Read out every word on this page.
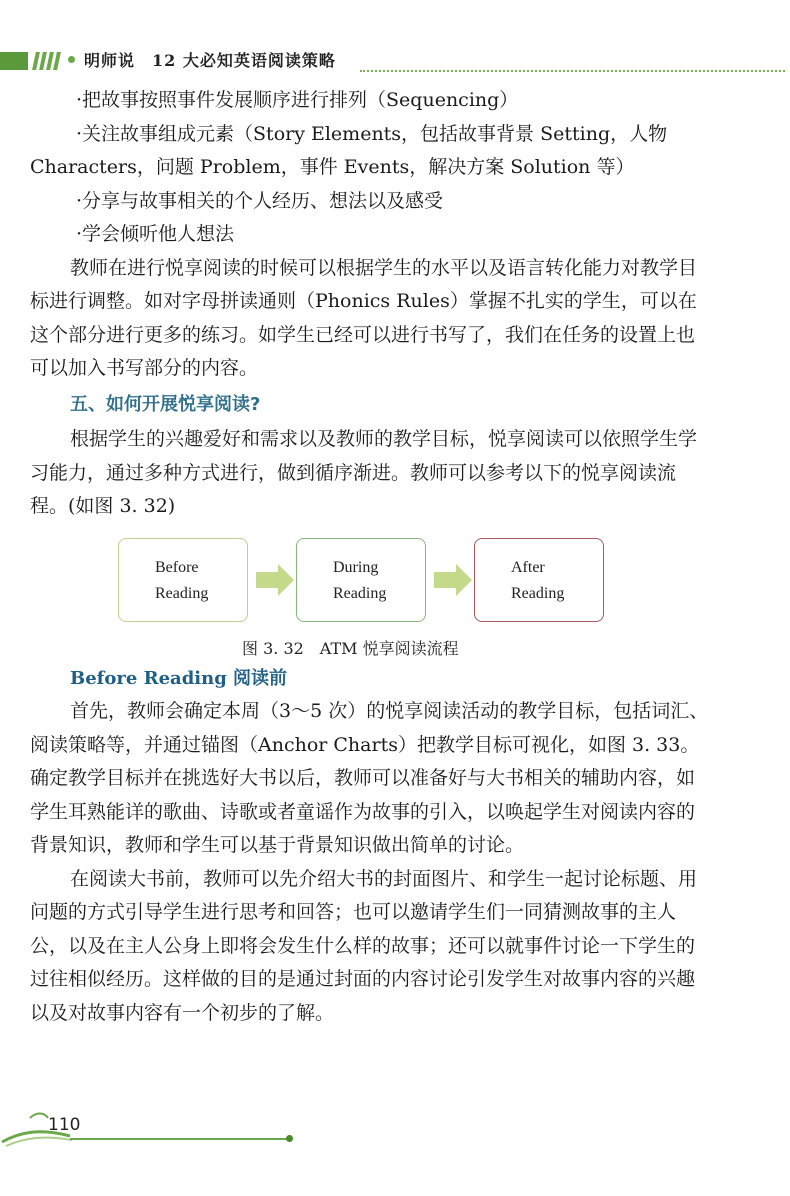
明师说　12 大必知英语阅读策略

·把故事按照事件发展顺序进行排列（Sequencing）

·关注故事组成元素（Story Elements，包括故事背景 Setting，人物 Characters，问题 Problem，事件 Events，解决方案 Solution 等）

·分享与故事相关的个人经历、想法以及感受

·学会倾听他人想法

教师在进行悦享阅读的时候可以根据学生的水平以及语言转化能力对教学目标进行调整。如对字母拼读通则（Phonics Rules）掌握不扎实的学生，可以在这个部分进行更多的练习。如学生已经可以进行书写了，我们在任务的设置上也可以加入书写部分的内容。

五、如何开展悦享阅读?

根据学生的兴趣爱好和需求以及教师的教学目标，悦享阅读可以依照学生学习能力，通过多种方式进行，做到循序渐进。教师可以参考以下的悦享阅读流程。(如图 3. 32)

Before
Reading
During
Reading
After
Reading
图 3. 32　ATM 悦享阅读流程

Before Reading 阅读前

首先，教师会确定本周（3～5 次）的悦享阅读活动的教学目标，包括词汇、阅读策略等，并通过锚图（Anchor Charts）把教学目标可视化，如图 3. 33。确定教学目标并在挑选好大书以后，教师可以准备好与大书相关的辅助内容，如学生耳熟能详的歌曲、诗歌或者童谣作为故事的引入，以唤起学生对阅读内容的背景知识，教师和学生可以基于背景知识做出简单的讨论。

在阅读大书前，教师可以先介绍大书的封面图片、和学生一起讨论标题、用问题的方式引导学生进行思考和回答；也可以邀请学生们一同猜测故事的主人公，以及在主人公身上即将会发生什么样的故事；还可以就事件讨论一下学生的过往相似经历。这样做的目的是通过封面的内容讨论引发学生对故事内容的兴趣以及对故事内容有一个初步的了解。

110
